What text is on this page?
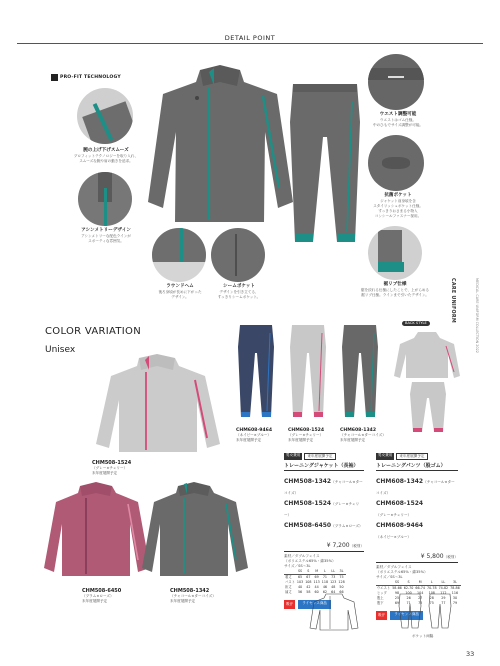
DETAIL POINT
PRO-FIT TECHNOLOGY
CARE UNIFORM	MEDICAL CARE UNIFORM COLLECTION 2022
腕の上げ下げスムーズ
プロフィットテクノロジーを取り入れ、
スムーズな腕や肩の動きを追求。
アシンメトリーデザイン
アシンメトリーな配色ラインが
スポーティな雰囲気。
ラウンドヘム
後ろ身頃が長めに下がった
デザイン。
シームポケット
デザインを引き立てる、
すっきりシームポケット。
ウエスト調整可能
ウエストはゴム仕様。
中のひもでサイズ調整が可能。
抗菌ポケット
ジャケット前身頃を含
スタイリッシュポケット仕様。
すっきりおさまる小物入
コンシールファスナー採用。
裾リブ仕様
裾を絞れる仕様にしたことで、上がらめる
裾リブ仕様。ラインまで引いたデザイン。
COLOR VARIATION
Unisex
CHM508-1524
（グレー×チェリー）
末年度展開予定
CHM508-6450
（プラム×ローズ）
末年度展開予定
CHM508-1342
（チャコール×ターコイズ）
末年度展開予定
CHM608-9464
（ネイビー×ブルー）
末年度展開予定
CHM608-1524
（グレー×チェリー）
末年度展開予定
CHM608-1342
（チャコール×ターコイズ）
末年度展開予定
BACK STYLE
男女兼用	来年度展開予定
トレーニングジャケット（長袖）
CHM508-1342（チャコール×ターコイズ）
CHM508-1524（グレー×チェリー）
CHM508-6450（プラム×ローズ）
¥ 7,200（税別）
素材／ダブルフェイス
（ポリエステル65%・綿35%）
サイズ／SS〜3L
	SS	S	M	L	LL	3L
着丈	65	67	69	71	73	75
バスト	103	108	113	118	123	128
裄丈	40	42	44	46	48	50
袖丈	56	58	60	62	64	66
吸汗	ライセンス商品
男女兼用	来年度展開予定
トレーニングパンツ（股ゴム）
CHM608-1342（チャコール×ターコイズ）
CHM608-1524（グレー×チェリー）
CHM608-9464（ネイビー×ブルー）
¥ 5,800（税別）
素材／ダブルフェイス
（ポリエステル65%・綿35%）
サイズ／SS〜3L
	SS	S	M	L	LL	3L
ウエスト	58-66	62-70	66-74	70-78	74-82	78-86
ヒップ	98	100	104	108	112	116
股上	25	26	27	28	29	30
股下	69	71	73	75	77	79
吸汗	ライセンス商品
ポケット両脇
33
